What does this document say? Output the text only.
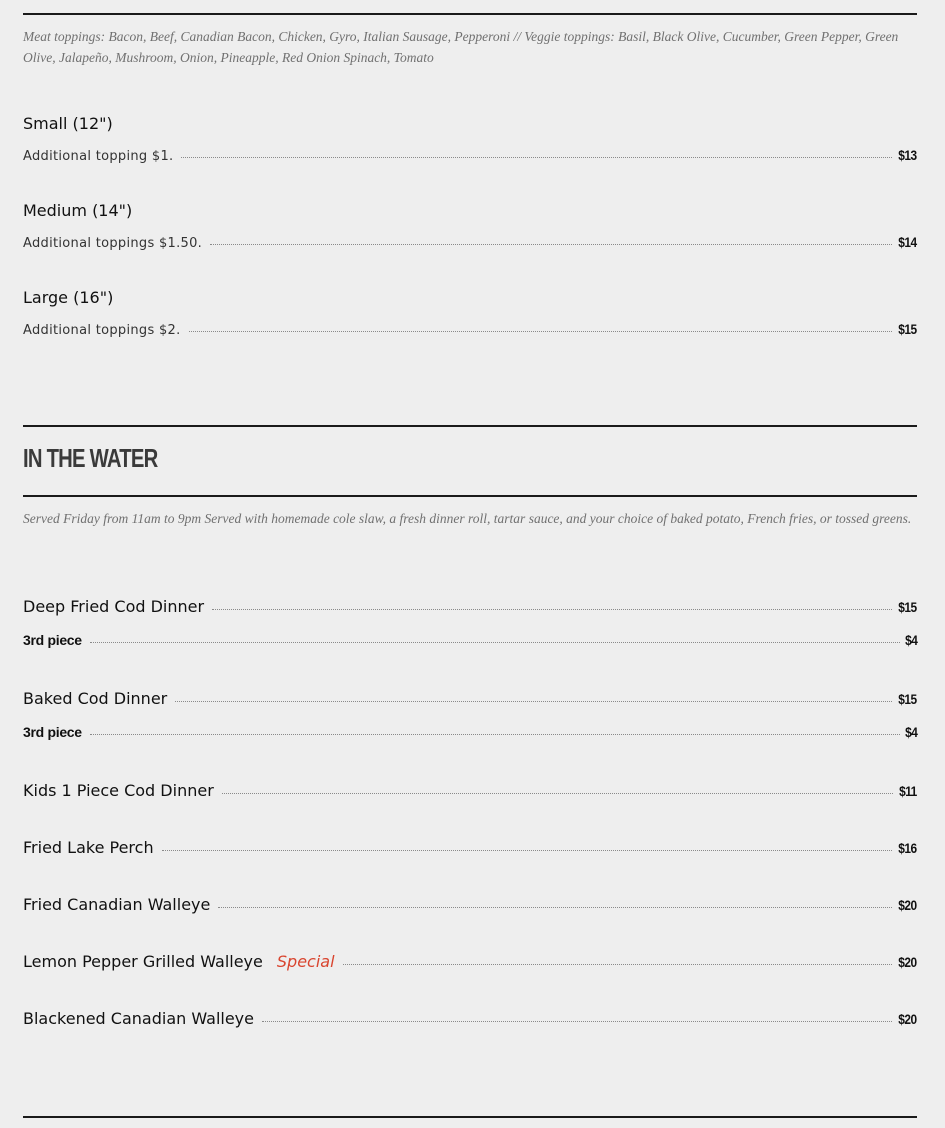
Meat toppings: Bacon, Beef, Canadian Bacon, Chicken, Gyro, Italian Sausage, Pepperoni // Veggie toppings: Basil, Black Olive, Cucumber, Green Pepper, Green Olive, Jalapeño, Mushroom, Onion, Pineapple, Red Onion Spinach, Tomato
Small (12")
Additional topping $1.	$13
Medium (14")
Additional toppings $1.50.	$14
Large (16")
Additional toppings $2.	$15
IN THE WATER
Served Friday from 11am to 9pm Served with homemade cole slaw, a fresh dinner roll, tartar sauce, and your choice of baked potato, French fries, or tossed greens.
Deep Fried Cod Dinner	$15
3rd piece	$4
Baked Cod Dinner	$15
3rd piece	$4
Kids 1 Piece Cod Dinner	$11
Fried Lake Perch	$16
Fried Canadian Walleye	$20
Lemon Pepper Grilled Walleye Special	$20
Blackened Canadian Walleye	$20
